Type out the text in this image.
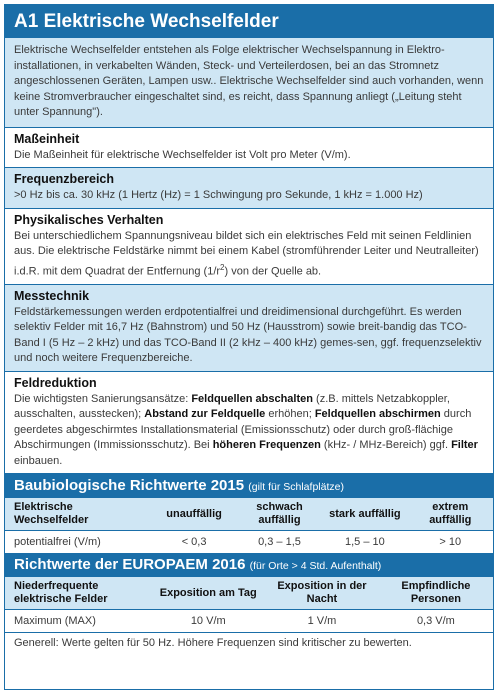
A1 Elektrische Wechselfelder
Elektrische Wechselfelder entstehen als Folge elektrischer Wechselspannung in Elektro-installationen, in verkabelten Wänden, Steck- und Verteilerdosen, bei an das Stromnetz angeschlossenen Geräten, Lampen usw.. Elektrische Wechselfelder sind auch vorhanden, wenn keine Stromverbraucher eingeschaltet sind, es reicht, dass Spannung anliegt („Leitung steht unter Spannung").
Maßeinheit

Die Maßeinheit für elektrische Wechselfelder ist Volt pro Meter (V/m).

Frequenzbereich

>0 Hz bis ca. 30 kHz (1 Hertz (Hz) = 1 Schwingung pro Sekunde, 1 kHz = 1.000 Hz)

Physikalisches Verhalten

Bei unterschiedlichem Spannungsniveau bildet sich ein elektrisches Feld mit seinen Feldlinien aus. Die elektrische Feldstärke nimmt bei einem Kabel (stromführender Leiter und Neutralleiter) i.d.R. mit dem Quadrat der Entfernung $(1/r^2)$ von der Quelle ab.

Messtechnik

Feldstärkemessungen werden erdpotentialfrei und dreidimensional durchgeführt. Es werden selektiv Felder mit 16,7 Hz (Bahnstrom) und 50 Hz (Hausstrom) sowie breit-bandig das TCO-Band I (5 Hz – 2 kHz) und das TCO-Band II (2 kHz – 400 kHz) gemes-sen, ggf. frequenzselektiv und noch weitere Frequenzbereiche.

Feldreduktion

Die wichtigsten Sanierungsansätze: Feldquellen abschalten (z.B. mittels Netzabkoppler, ausschalten, ausstecken); Abstand zur Feldquelle erhöhen; Feldquellen abschirmen durch geerdetes abgeschirmtes Installationsmaterial (Emissionsschutz) oder durch groß-flächige Abschirmungen (Immissionsschutz). Bei höheren Frequenzen (kHz- / MHz-Bereich) ggf. Filter einbauen.

Baubiologische Richtwerte 2015 (gilt für Schlafplätze)
Elektrische Wechselfelder	unauffällig	schwach auffällig	stark auffällig	extrem auffällig
potentialfrei (V/m)	< 0,3	0,3 – 1,5	1,5 – 10	> 10
Richtwerte der EUROPAEM 2016 (für Orte > 4 Std. Aufenthalt)
Niederfrequente elektrische Felder	Exposition am Tag	Exposition in der Nacht	Empfindliche Personen
Maximum (MAX)	10 V/m	1 V/m	0,3 V/m
Generell: Werte gelten für 50 Hz. Höhere Frequenzen sind kritischer zu bewerten.
